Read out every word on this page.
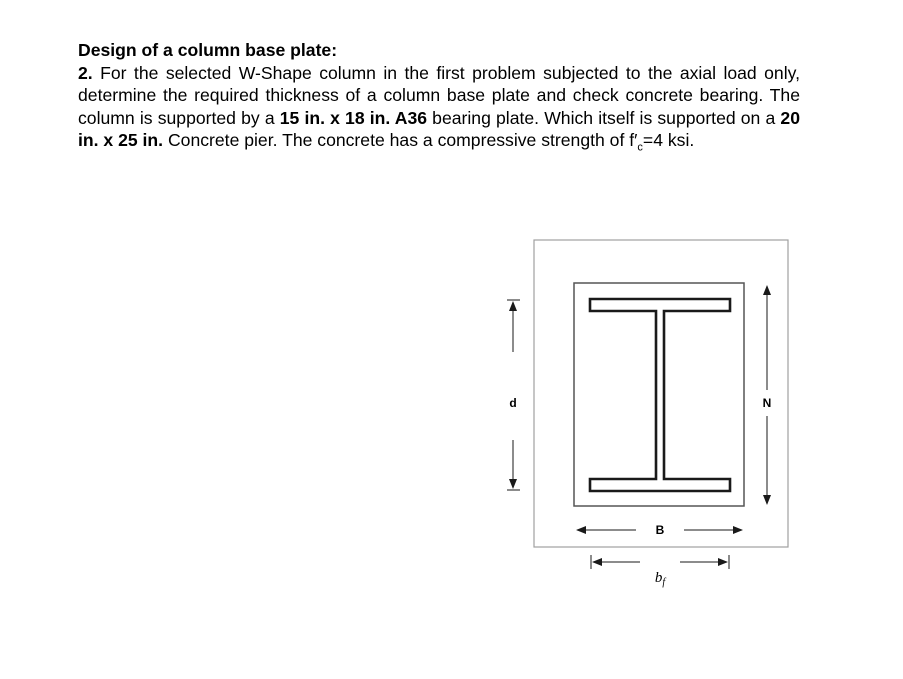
Design of a column base plate:

2. For the selected W-Shape column in the first problem subjected to the axial load only, determine the required thickness of a column base plate and check concrete bearing. The column is supported by a 15 in. x 18 in. A36 bearing plate. Which itself is supported on a 20 in. x 25 in. Concrete pier. The concrete has a compressive strength of $f'_c=4$ ksi.

d	N
B
$b_f$
